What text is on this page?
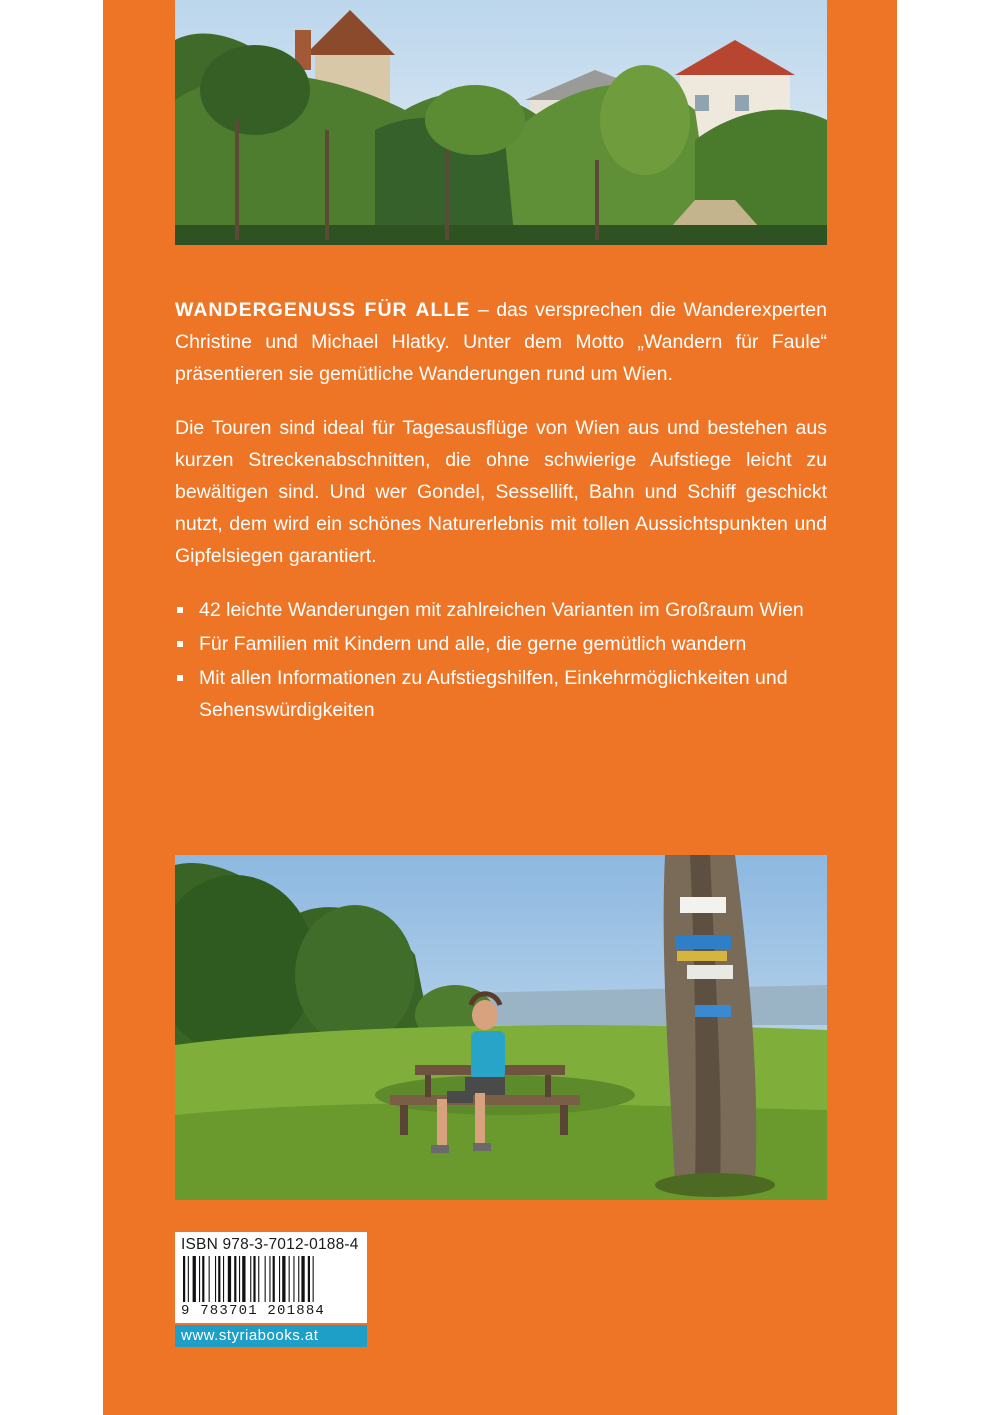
WANDERGENUSS FÜR ALLE – das versprechen die Wanderexperten Christine und Michael Hlatky. Unter dem Motto „Wandern für Faule“ präsentieren sie gemütliche Wanderungen rund um Wien.

Die Touren sind ideal für Tagesausflüge von Wien aus und bestehen aus kurzen Streckenabschnitten, die ohne schwierige Aufstiege leicht zu bewältigen sind. Und wer Gondel, Sessellift, Bahn und Schiff geschickt nutzt, dem wird ein schönes Naturerlebnis mit tollen Aussichtspunkten und Gipfelsiegen garantiert.

42 leichte Wanderungen mit zahlreichen Varianten im Großraum Wien
Für Familien mit Kindern und alle, die gerne gemütlich wandern
Mit allen Informationen zu Aufstiegshilfen, Einkehrmöglichkeiten und Sehenswürdigkeiten
ISBN 978-3-7012-0188-4
9 783701 201884
www.styriabooks.at
